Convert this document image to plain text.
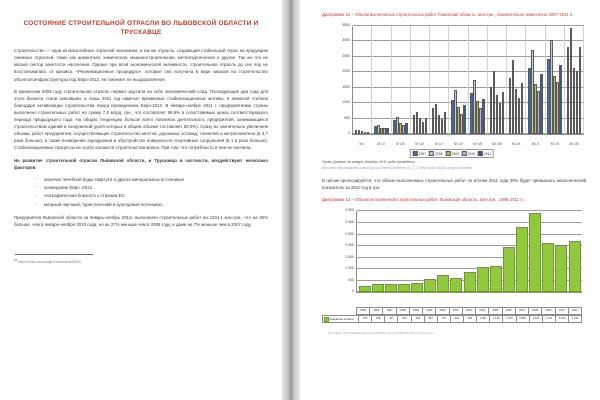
СОСТОЯНИЕ СТРОИТЕЛЬНОЙ ОТРАСЛИ ВО ЛЬВОВСКОЙ ОБЛАСТИ И ТРУСКАВЦЕ
Строительство — одна из масштабных отраслей экономики, а так же отрасль, создающая стабильный спрос на продукцию смежных отраслей, таких как цементная, химическая, машиностроительная, металлургическая и другие. Так же это не малый сектор занятости населения. Однако при всей экономической значимости, строительная отрасль до сих пор не восстановилась от кризиса. «Реанимационные процедуры», которые она получила в виде заказов на строительство объектов инфраструктуры под Евро-2012, не означает ее выздоровления.
В кризисном 2008 году строительная отрасль первая ощутила на себе экономический спад. Последующие два года для этого бизнеса стали шоковыми, и лишь 2011 год наметил временные стабилизационные мотивы, в немалой степени благодаря активизации строительства перед проведением Евро-2012. В январе-ноябре 2011 г. предприятиями страны выполнено строительных работ на сумму 7,8 млрд. грн., что составляет 98,6% в сопоставимых ценах соответствующего периода предыдущего года. На общую тенденцию больше всего повлияла деятельность предприятий, занимающихся строительством одиний и сооружений (доля которых в общем объеме составляет 83,0%). Сразу их значительно увеличили объемы работ предприятия, осуществляющие строительство мостов, дорожных эстакад, тоннелей и метрополитена (в 3,7 раза больше), а также возведение аэродромов и обустройство поверхности спортивных сооружений (в 1,6 раза больше). Стабилизационные процессы не особо касаются строительства жилья. При том, что потребность в нем не кончала.
На развитие строительной отрасли Львовской области, и Трускавца в частности, воздействуют несколько факторов:
- наличие лечебной воды Нафтуся и других минеральных источников
- проведение Евро -2012
- географическая близость к странам ЕС
- мощный научный, туристический и культурный потенциал.
Предприятия Львовской области за январь-ноябрь 2011г. выполнили строительных работ на 2234,1 млн.грн., что на 30% больше, чем в январе-ноябре 2010 года, но на 27% меньше чем в 2008 году, и даже на 7% меньше чем в 2007 году.
21 http://norilin.cdn.ua/sign/Ovlenmeva/14603
Диаграмма 12 – Объем выполненых строительных работ Львовская область, млн.грн., накопительно помесячно 2007-2011 гг.
0
500
1000
1500
2000
2500
3000
3500
М I	М I-II	М I-III	М I-IV	М I-V	М I-VI	М I-VII	М I-VIII	М I-IX	М I-X	М I-XI	М I-XII
2007	2008	2009	2010	2011
Прим: Данные за январь-декабрь 2011 года приведены
Источник: http://database.ukrstat.gov.ua/Themes/29/theme_61_2_27.php?code=03&ind_page=plotTables
В целом прогнозируется, что объем выполненных строительных работ по итогам 2011 года 30% будет превышать аналогический показатель за 2010 год в грн.
Диаграмма 13 – Объем исполненной строительных работ, Львовская область, млн.грн., 1995-2011 гг.
0
500
1 000
1 500
2 000
2 500
3 000
3 500
1995	1996	1997	1998	1999	2000	2001	2002	2003	2004	2005	2006	2007	2008	2009	2010	2011
Львовская область	276	348	347	343	418	561	737	634	866	1 087	1 148	1 970	2 828	3 423	2 134	2 040	2 234
Источник: http://oblstat.stat.lviv.ua/ukr/themes_lviv/28/price/Ob-em-bud.aspx
